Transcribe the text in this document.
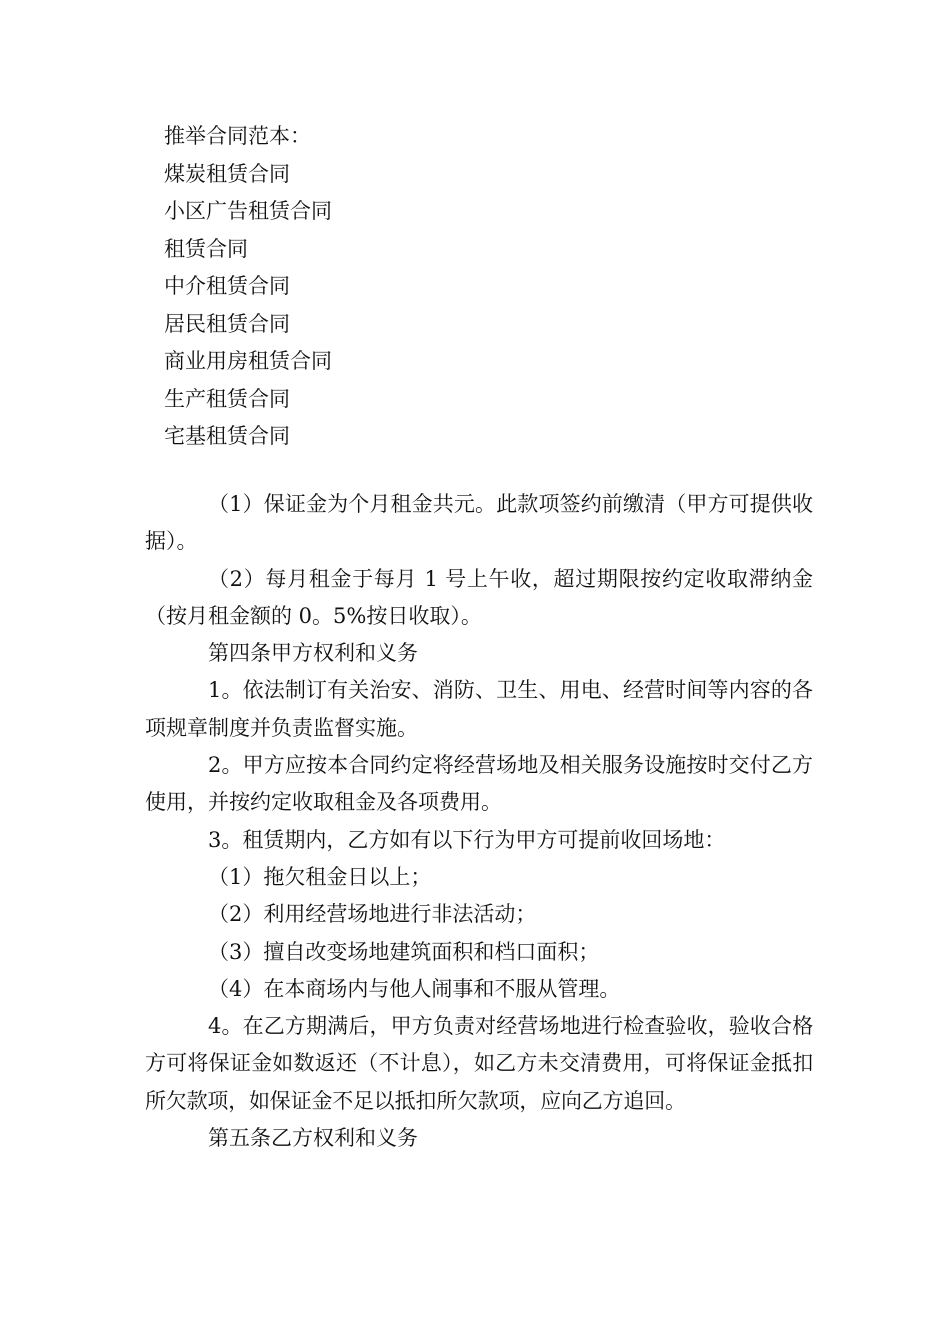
推举合同范本：
煤炭租赁合同
小区广告租赁合同
租赁合同
中介租赁合同
居民租赁合同
商业用房租赁合同
生产租赁合同
宅基租赁合同

（1）保证金为个月租金共元。此款项签约前缴清（甲方可提供收据）。

（2）每月租金于每月 1 号上午收，超过期限按约定收取滞纳金（按月租金额的 0。5%按日收取）。

第四条甲方权利和义务

1。依法制订有关治安、消防、卫生、用电、经营时间等内容的各项规章制度并负责监督实施。

2。甲方应按本合同约定将经营场地及相关服务设施按时交付乙方使用，并按约定收取租金及各项费用。

3。租赁期内，乙方如有以下行为甲方可提前收回场地：

（1）拖欠租金日以上；

（2）利用经营场地进行非法活动；

（3）擅自改变场地建筑面积和档口面积；

（4）在本商场内与他人闹事和不服从管理。

4。在乙方期满后，甲方负责对经营场地进行检查验收，验收合格方可将保证金如数返还（不计息），如乙方未交清费用，可将保证金抵扣所欠款项，如保证金不足以抵扣所欠款项，应向乙方追回。

第五条乙方权利和义务
